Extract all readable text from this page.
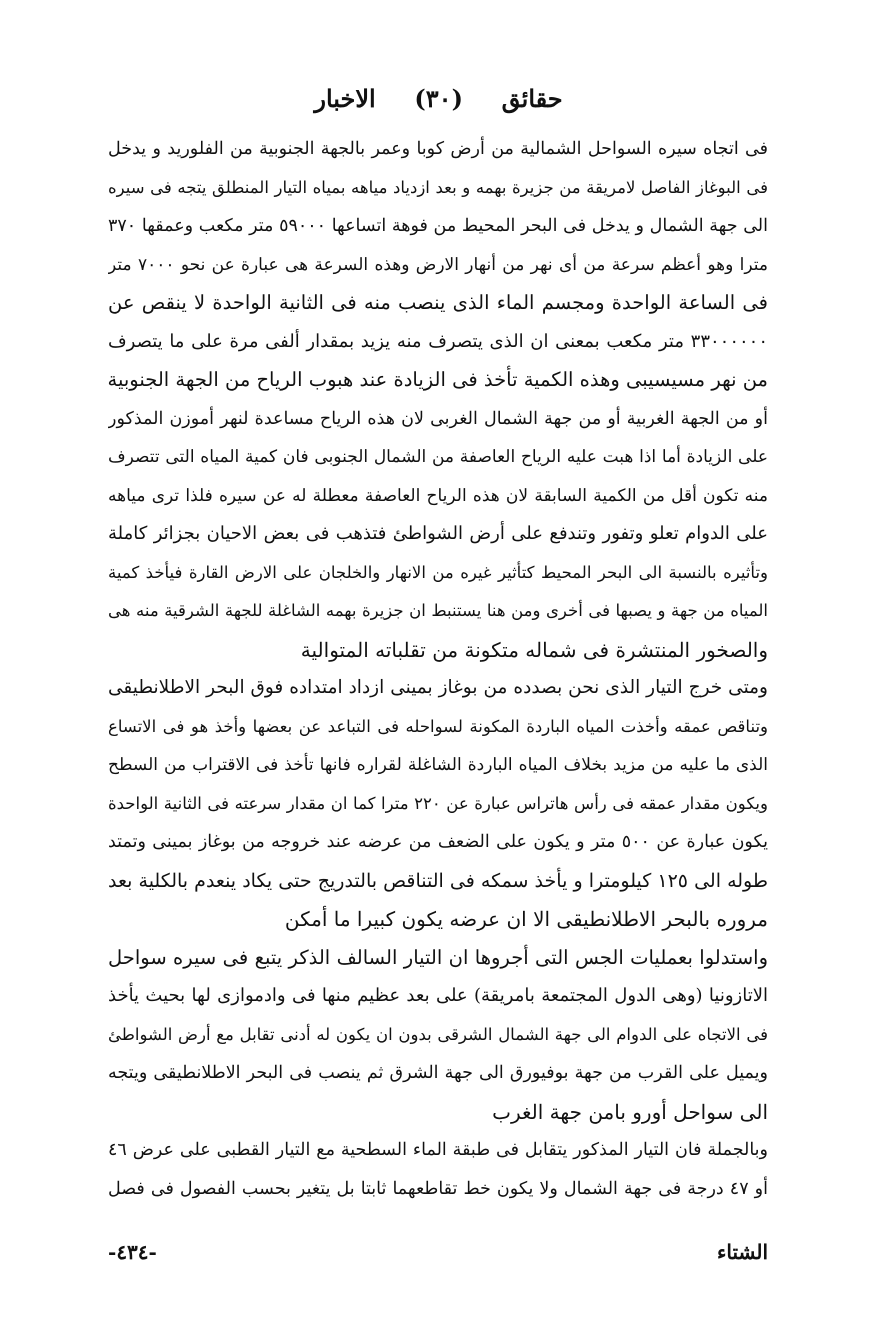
حقائق  (٣٠)  الاخبار
فى اتجاه سيره السواحل الشمالية من أرض كوبا وعمر بالجهة الجنوبية من الفلوريد و يدخل
فى البوغاز الفاصل لامريقة من جزيرة بهمه و بعد ازدياد مياهه بمياه التيار المنطلق يتجه فى سيره
الى جهة الشمال و يدخل فى البحر المحيط من فوهة اتساعها ٥٩٠٠٠ متر مكعب وعمقها ٣٧٠
مترا وهو أعظم سرعة من أى نهر من أنهار الارض وهذه السرعة هى عبارة عن نحو ٧٠٠٠ متر
فى الساعة الواحدة ومجسم الماء الذى ينصب منه فى الثانية الواحدة لا ينقص عن
٣٣٠٠٠٠٠٠ متر مكعب بمعنى ان الذى يتصرف منه يزيد بمقدار ألفى مرة على ما يتصرف
من نهر مسيسيبى وهذه الكمية تأخذ فى الزيادة عند هبوب الرياح من الجهة الجنوبية
أو من الجهة الغربية أو من جهة الشمال الغربى لان هذه الرياح مساعدة لنهر أموزن المذكور
على الزيادة أما اذا هبت عليه الرياح العاصفة من الشمال الجنوبى فان كمية المياه التى تتصرف
منه تكون أقل من الكمية السابقة لان هذه الرياح العاصفة معطلة له عن سيره فلذا ترى مياهه
على الدوام تعلو وتفور وتندفع على أرض الشواطئ فتذهب فى بعض الاحيان بجزائر كاملة
وتأثيره بالنسبة الى البحر المحيط كتأثير غيره من الانهار والخلجان على الارض القارة فيأخذ كمية
المياه من جهة و يصبها فى أخرى ومن هنا يستنبط ان جزيرة بهمه الشاغلة للجهة الشرقية منه هى
والصخور المنتشرة فى شماله متكونة من تقلباته المتوالية
ومتى خرج التيار الذى نحن بصدده من بوغاز بمينى ازداد امتداده فوق البحر الاطلانطيقى
وتناقص عمقه وأخذت المياه الباردة المكونة لسواحله فى التباعد عن بعضها وأخذ هو فى الاتساع
الذى ما عليه من مزيد بخلاف المياه الباردة الشاغلة لقراره فانها تأخذ فى الاقتراب من السطح
ويكون مقدار عمقه فى رأس هاتراس عبارة عن ٢٢٠ مترا كما ان مقدار سرعته فى الثانية الواحدة
يكون عبارة عن ٥٠٠ متر و يكون على الضعف من عرضه عند خروجه من بوغاز بمينى وتمتد
طوله الى ١٢٥ كيلومترا و يأخذ سمكه فى التناقص بالتدريج حتى يكاد ينعدم بالكلية بعد
مروره بالبحر الاطلانطيقى الا ان عرضه يكون كبيرا ما أمكن
واستدلوا بعمليات الجس التى أجروها ان التيار السالف الذكر يتبع فى سيره سواحل
الاتازونيا (وهى الدول المجتمعة بامريقة) على بعد عظيم منها فى وادموازى لها بحيث يأخذ
فى الاتجاه على الدوام الى جهة الشمال الشرقى بدون ان يكون له أدنى تقابل مع أرض الشواطئ
ويميل على القرب من جهة بوفيورق الى جهة الشرق ثم ينصب فى البحر الاطلانطيقى ويتجه
الى سواحل أورو بامن جهة الغرب
وبالجملة فان التيار المذكور يتقابل فى طبقة الماء السطحية مع التيار القطبى على عرض ٤٦
أو ٤٧ درجة فى جهة الشمال ولا يكون خط تقاطعهما ثابتا بل يتغير بحسب الفصول فى فصل
الشتاء
-٤٣٤-
